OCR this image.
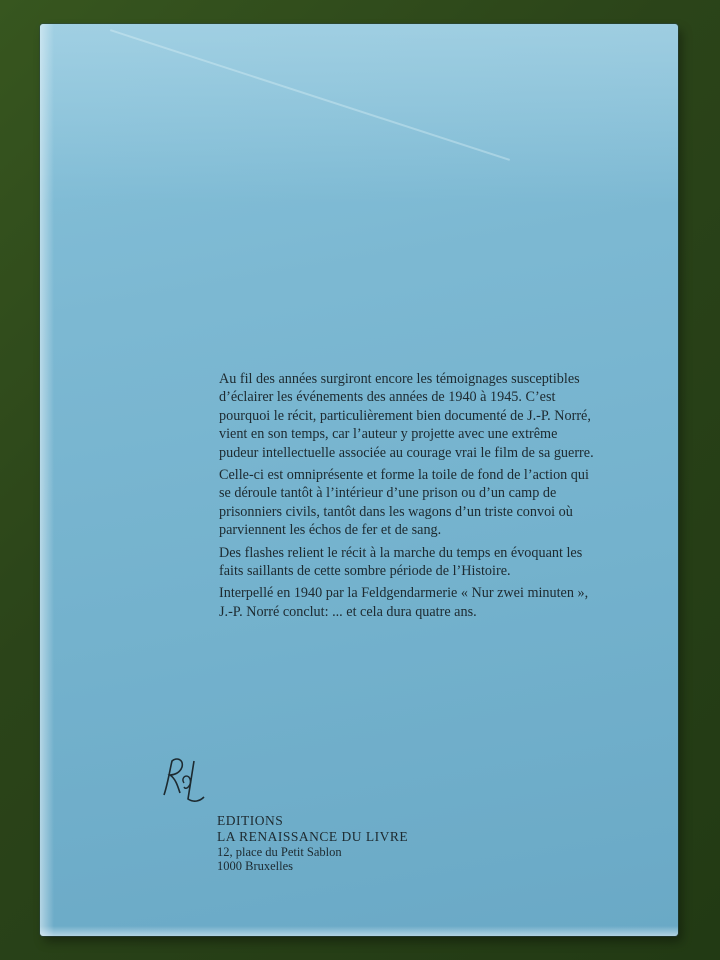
Au fil des années surgiront encore les témoignages susceptibles d’éclairer les événements des années de 1940 à 1945. C’est pourquoi le récit, particulièrement bien documenté de J.-P. Norré, vient en son temps, car l’auteur y projette avec une extrême pudeur intellectuelle associée au courage vrai le film de sa guerre.

Celle-ci est omniprésente et forme la toile de fond de l’action qui se déroule tantôt à l’intérieur d’une prison ou d’un camp de prisonniers civils, tantôt dans les wagons d’un triste convoi où parviennent les échos de fer et de sang.

Des flashes relient le récit à la marche du temps en évoquant les faits saillants de cette sombre période de l’Histoire.

Interpellé en 1940 par la Feldgendarmerie « Nur zwei minuten », J.-P. Norré conclut: ... et cela dura quatre ans.

EDITIONS
LA RENAISSANCE DU LIVRE
12, place du Petit Sablon
1000 Bruxelles
